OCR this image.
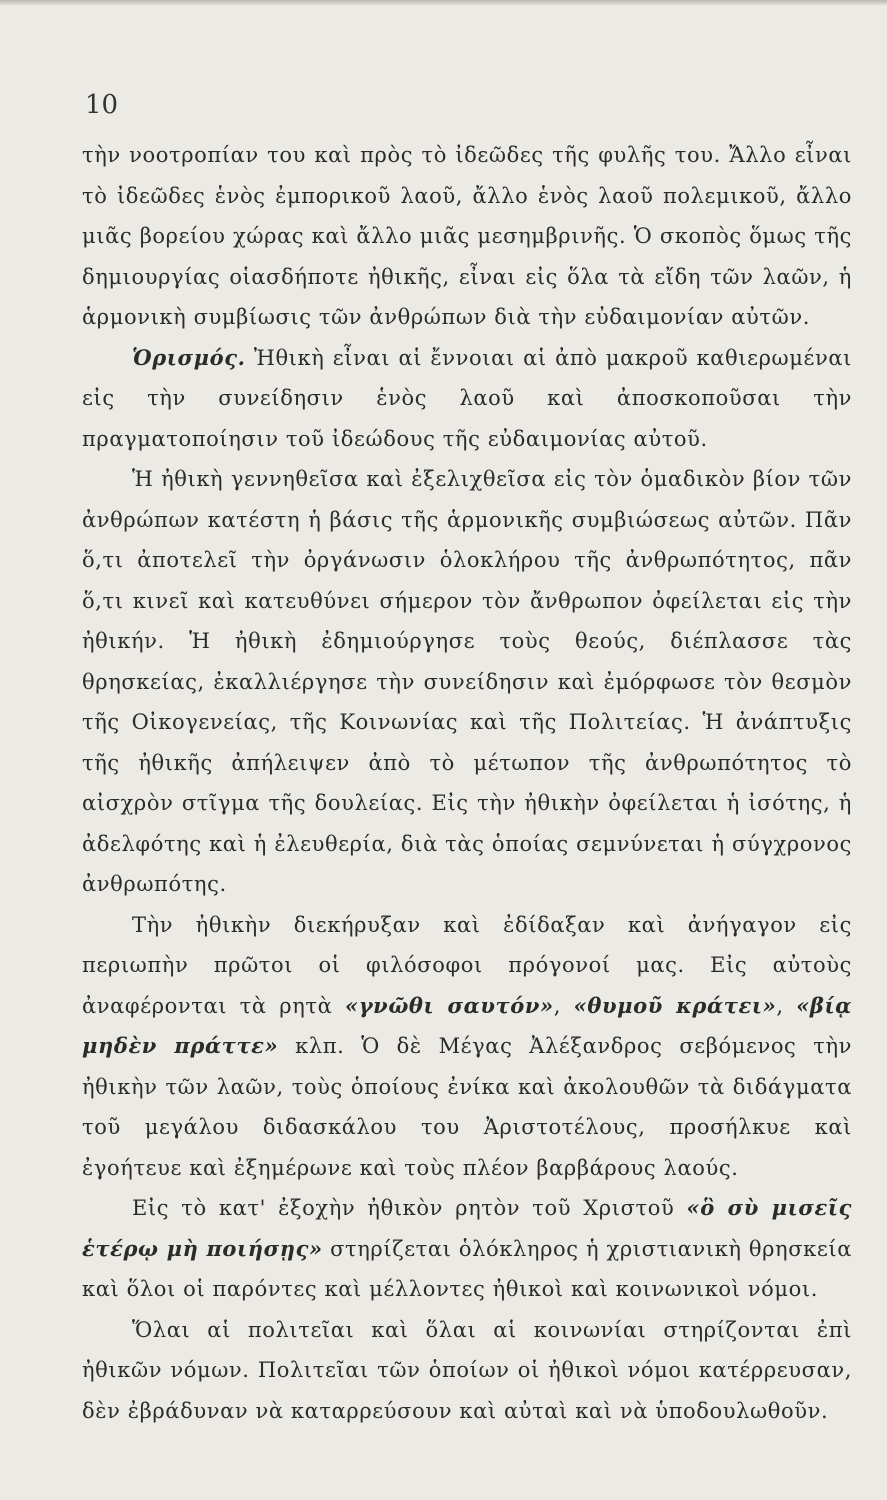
10

τὴν νοοτροπίαν του καὶ πρὸς τὸ ἰδεῶδες τῆς φυλῆς του. Ἄλλο εἶναι τὸ ἰδεῶδες ἑνὸς ἐμπορικοῦ λαοῦ, ἄλλο ἑνὸς λαοῦ πολεμικοῦ, ἄλλο μιᾶς βορείου χώρας καὶ ἄλλο μιᾶς μεσημβρινῆς. Ὁ σκοπὸς ὅμως τῆς δημιουργίας οἱασδήποτε ἠθικῆς, εἶναι εἰς ὅλα τὰ εἴδη τῶν λαῶν, ἡ ἁρμονικὴ συμβίωσις τῶν ἀνθρώπων διὰ τὴν εὐδαιμονίαν αὐτῶν.

Ὁρισμός. Ἠθικὴ εἶναι αἱ ἔννοιαι αἱ ἀπὸ μακροῦ καθιερωμέναι εἰς τὴν συνείδησιν ἑνὸς λαοῦ καὶ ἀποσκοποῦσαι τὴν πραγματοποίησιν τοῦ ἰδεώδους τῆς εὐδαιμονίας αὐτοῦ.

Ἡ ἠθικὴ γεννηθεῖσα καὶ ἐξελιχθεῖσα εἰς τὸν ὁμαδικὸν βίον τῶν ἀνθρώπων κατέστη ἡ βάσις τῆς ἁρμονικῆς συμβιώσεως αὐτῶν. Πᾶν ὅ,τι ἀποτελεῖ τὴν ὀργάνωσιν ὁλοκλήρου τῆς ἀνθρωπότητος, πᾶν ὅ,τι κινεῖ καὶ κατευθύνει σήμερον τὸν ἄνθρωπον ὀφείλεται εἰς τὴν ἠθικήν. Ἡ ἠθικὴ ἐδημιούργησε τοὺς θεούς, διέπλασσε τὰς θρησκείας, ἐκαλλιέργησε τὴν συνείδησιν καὶ ἐμόρφωσε τὸν θεσμὸν τῆς Οἰκογενείας, τῆς Κοινωνίας καὶ τῆς Πολιτείας. Ἡ ἀνάπτυξις τῆς ἠθικῆς ἀπήλειψεν ἀπὸ τὸ μέτωπον τῆς ἀνθρωπότητος τὸ αἰσχρὸν στῖγμα τῆς δουλείας. Εἰς τὴν ἠθικὴν ὀφείλεται ἡ ἰσότης, ἡ ἀδελφότης καὶ ἡ ἐλευθερία, διὰ τὰς ὁποίας σεμνύνεται ἡ σύγχρονος ἀνθρωπότης.

Τὴν ἠθικὴν διεκήρυξαν καὶ ἐδίδαξαν καὶ ἀνήγαγον εἰς περιωπὴν πρῶτοι οἱ φιλόσοφοι πρόγονοί μας. Εἰς αὐτοὺς ἀναφέρονται τὰ ρητὰ «γνῶθι σαυτόν», «θυμοῦ κράτει», «βίᾳ μηδὲν πράττε» κλπ. Ὁ δὲ Μέγας Ἀλέξανδρος σεβόμενος τὴν ἠθικὴν τῶν λαῶν, τοὺς ὁποίους ἐνίκα καὶ ἀκολουθῶν τὰ διδάγματα τοῦ μεγάλου διδασκάλου του Ἀριστοτέλους, προσήλκυε καὶ ἐγοήτευε καὶ ἐξημέρωνε καὶ τοὺς πλέον βαρβάρους λαούς.

Εἰς τὸ κατ' ἐξοχὴν ἠθικὸν ρητὸν τοῦ Χριστοῦ «ὃ σὺ μισεῖς ἑτέρῳ μὴ ποιήσῃς» στηρίζεται ὁλόκληρος ἡ χριστιανικὴ θρησκεία καὶ ὅλοι οἱ παρόντες καὶ μέλλοντες ἠθικοὶ καὶ κοινωνικοὶ νόμοι.

Ὅλαι αἱ πολιτεῖαι καὶ ὅλαι αἱ κοινωνίαι στηρίζονται ἐπὶ ἠθικῶν νόμων. Πολιτεῖαι τῶν ὁποίων οἱ ἠθικοὶ νόμοι κατέρρευσαν, δὲν ἐβράδυναν νὰ καταρρεύσουν καὶ αὐταὶ καὶ νὰ ὑποδουλωθοῦν.
